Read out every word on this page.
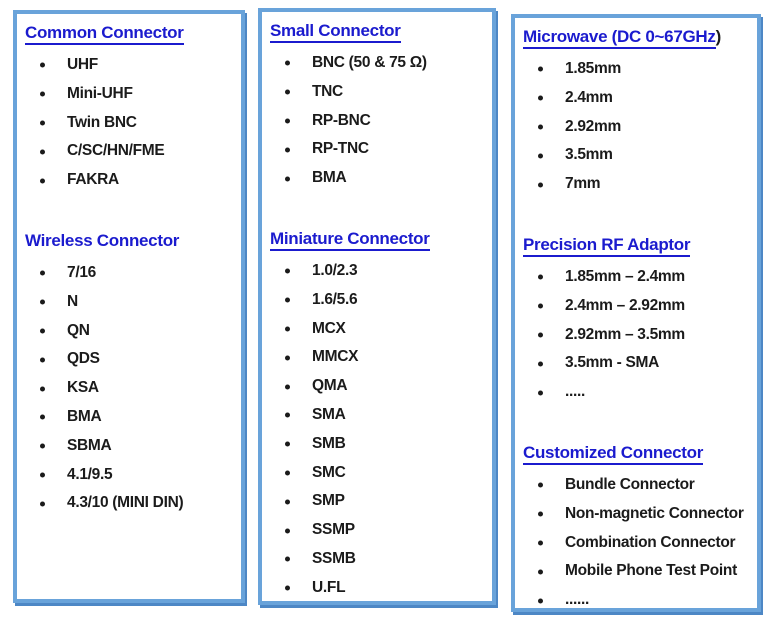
Common Connector
UHF
Mini-UHF
Twin BNC
C/SC/HN/FME
FAKRA
Wireless Connector
7/16
N
QN
QDS
KSA
BMA
SBMA
4.1/9.5
4.3/10 (MINI DIN)
Small Connector
BNC (50 & 75 Ω)
TNC
RP-BNC
RP-TNC
BMA
Miniature Connector
1.0/2.3
1.6/5.6
MCX
MMCX
QMA
SMA
SMB
SMC
SMP
SSMP
SSMB
U.FL
Microwave (DC 0~67GHz)
1.85mm
2.4mm
2.92mm
3.5mm
7mm
Precision RF Adaptor
1.85mm – 2.4mm
2.4mm – 2.92mm
2.92mm – 3.5mm
3.5mm - SMA
.....
Customized Connector
Bundle Connector
Non-magnetic Connector
Combination Connector
Mobile Phone Test Point
......
